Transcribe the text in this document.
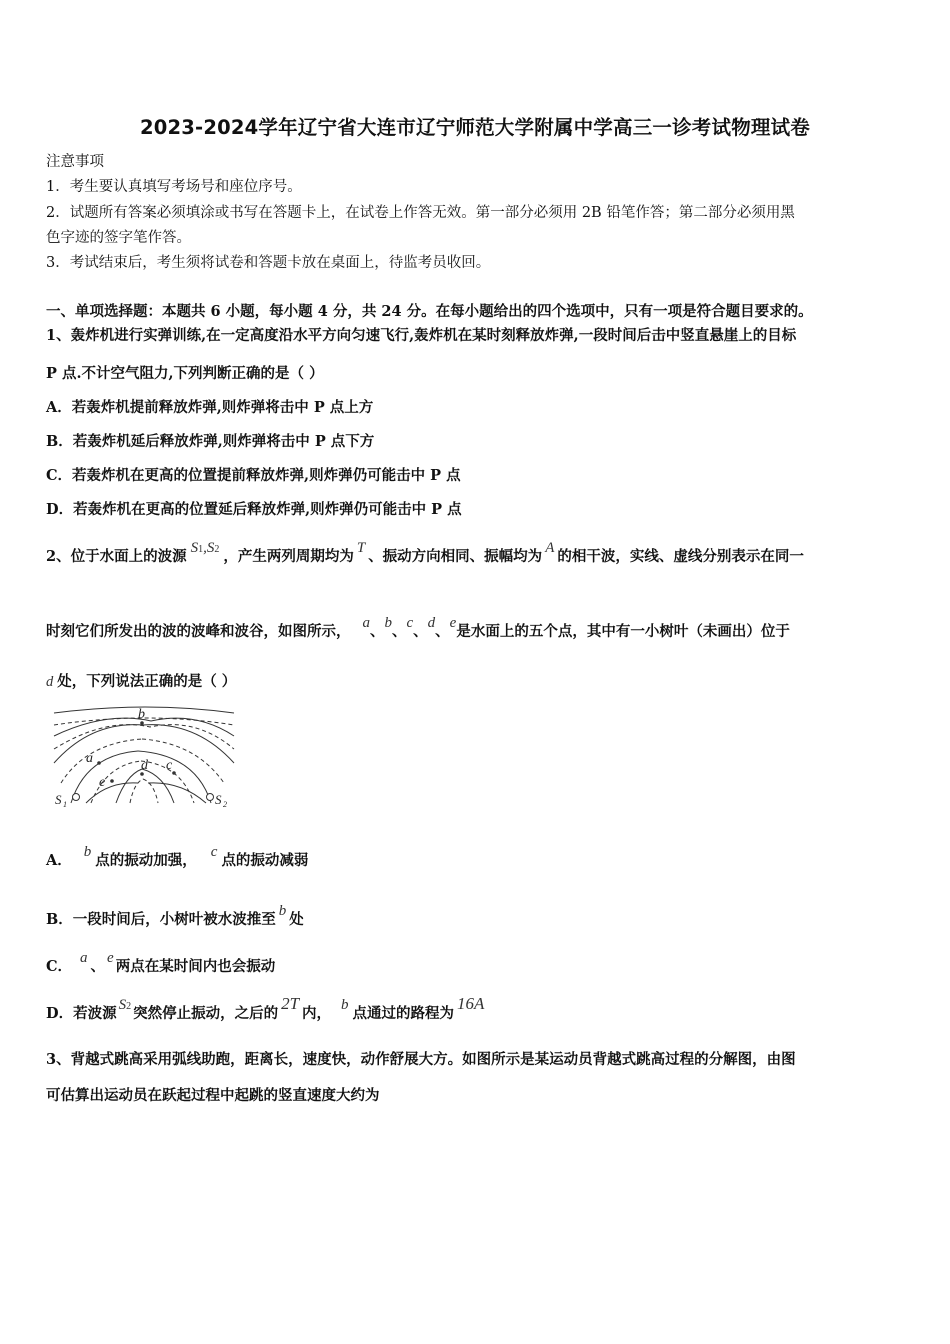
2023-2024学年辽宁省大连市辽宁师范大学附属中学高三一诊考试物理试卷
注意事项
1．考生要认真填写考场号和座位序号。
2．试题所有答案必须填涂或书写在答题卡上，在试卷上作答无效。第一部分必须用 2B 铅笔作答；第二部分必须用黑
色字迹的签字笔作答。
3．考试结束后，考生须将试卷和答题卡放在桌面上，待监考员收回。
一、单项选择题：本题共 6 小题，每小题 4 分，共 24 分。在每小题给出的四个选项中，只有一项是符合题目要求的。
1、轰炸机进行实弹训练,在一定高度沿水平方向匀速飞行,轰炸机在某时刻释放炸弹,一段时间后击中竖直悬崖上的目标
P 点.不计空气阻力,下列判断正确的是（ ）
A．若轰炸机提前释放炸弹,则炸弹将击中 P 点上方
B．若轰炸机延后释放炸弹,则炸弹将击中 P 点下方
C．若轰炸机在更高的位置提前释放炸弹,则炸弹仍可能击中 P 点
D．若轰炸机在更高的位置延后释放炸弹,则炸弹仍可能击中 P 点
2、位于水面上的波源 S1,S2 ，产生两列周期均为 T 、振动方向相同、振幅均为 A 的相干波，实线、虚线分别表示在同一
时刻它们所发出的波的波峰和波谷，如图所示， a、b、c、d、e是水面上的五个点，其中有一小树叶（未画出）位于
d 处，下列说法正确的是（ ）
b
a	d c
e
S 1	S 2
A． b 点的振动加强， c 点的振动减弱
B．一段时间后，小树叶被水波推至 b 处
C． a 、 e 两点在某时间内也会振动
D．若波源 S2 突然停止振动，之后的2T内， b 点通过的路程为16A
3、背越式跳高采用弧线助跑，距离长，速度快，动作舒展大方。如图所示是某运动员背越式跳高过程的分解图，由图
可估算出运动员在跃起过程中起跳的竖直速度大约为
